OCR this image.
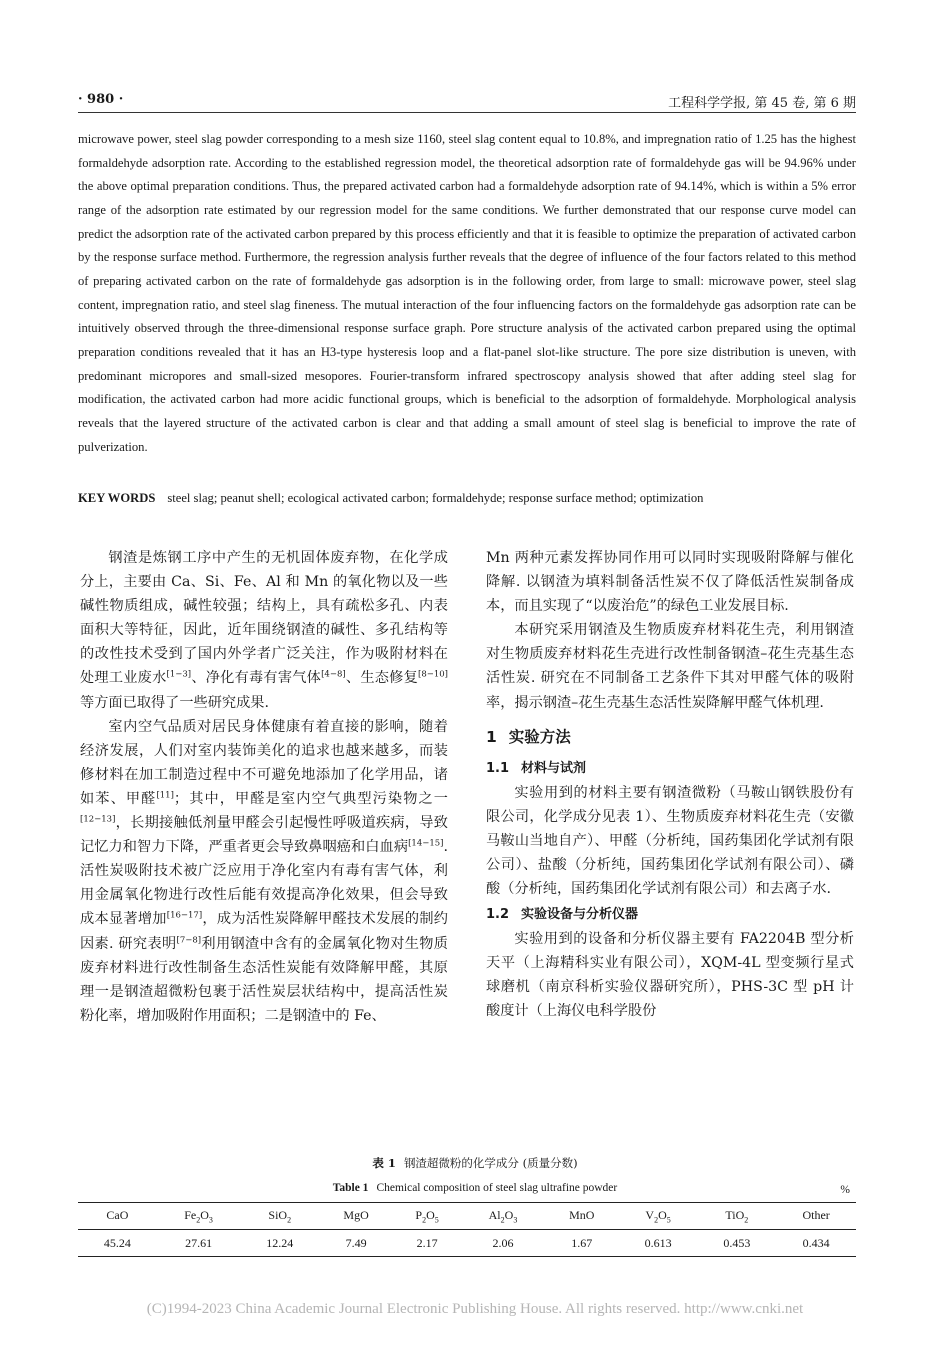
· 980 ·	工程科学学报, 第 45 卷, 第 6 期

microwave power, steel slag powder corresponding to a mesh size 1160, steel slag content equal to 10.8%, and impregnation ratio of 1.25 has the highest formaldehyde adsorption rate. According to the established regression model, the theoretical adsorption rate of formaldehyde gas will be 94.96% under the above optimal preparation conditions. Thus, the prepared activated carbon had a formaldehyde adsorption rate of 94.14%, which is within a 5% error range of the adsorption rate estimated by our regression model for the same conditions. We further demonstrated that our response curve model can predict the adsorption rate of the activated carbon prepared by this process efficiently and that it is feasible to optimize the preparation of activated carbon by the response surface method. Furthermore, the regression analysis further reveals that the degree of influence of the four factors related to this method of preparing activated carbon on the rate of formaldehyde gas adsorption is in the following order, from large to small: microwave power, steel slag content, impregnation ratio, and steel slag fineness. The mutual interaction of the four influencing factors on the formaldehyde gas adsorption rate can be intuitively observed through the three-dimensional response surface graph. Pore structure analysis of the activated carbon prepared using the optimal preparation conditions revealed that it has an H3-type hysteresis loop and a flat-panel slot-like structure. The pore size distribution is uneven, with predominant micropores and small-sized mesopores. Fourier-transform infrared spectroscopy analysis showed that after adding steel slag for modification, the activated carbon had more acidic functional groups, which is beneficial to the adsorption of formaldehyde. Morphological analysis reveals that the layered structure of the activated carbon is clear and that adding a small amount of steel slag is beneficial to improve the rate of pulverization.

KEY WORDS steel slag; peanut shell; ecological activated carbon; formaldehyde; response surface method; optimization

钢渣是炼钢工序中产生的无机固体废弃物，在化学成分上，主要由 Ca、Si、Fe、Al 和 Mn 的氧化物以及一些碱性物质组成，碱性较强；结构上，具有疏松多孔、内表面积大等特征，因此，近年围绕钢渣的碱性、多孔结构等的改性技术受到了国内外学者广泛关注，作为吸附材料在处理工业废水[1−3]、净化有毒有害气体[4−8]、生态修复[8−10]等方面已取得了一些研究成果.

室内空气品质对居民身体健康有着直接的影响，随着经济发展，人们对室内装饰美化的追求也越来越多，而装修材料在加工制造过程中不可避免地添加了化学用品，诸如苯、甲醛[11]；其中，甲醛是室内空气典型污染物之一[12−13]，长期接触低剂量甲醛会引起慢性呼吸道疾病，导致记忆力和智力下降，严重者更会导致鼻咽癌和白血病[14−15]. 活性炭吸附技术被广泛应用于净化室内有毒有害气体，利用金属氧化物进行改性后能有效提高净化效果，但会导致成本显著增加[16−17]，成为活性炭降解甲醛技术发展的制约因素. 研究表明[7−8]利用钢渣中含有的金属氧化物对生物质废弃材料进行改性制备生态活性炭能有效降解甲醛，其原理一是钢渣超微粉包裹于活性炭层状结构中，提高活性炭粉化率，增加吸附作用面积；二是钢渣中的 Fe、

Mn 两种元素发挥协同作用可以同时实现吸附降解与催化降解. 以钢渣为填料制备活性炭不仅了降低活性炭制备成本，而且实现了“以废治危”的绿色工业发展目标.

本研究采用钢渣及生物质废弃材料花生壳，利用钢渣对生物质废弃材料花生壳进行改性制备钢渣–花生壳基生态活性炭. 研究在不同制备工艺条件下其对甲醛气体的吸附率，揭示钢渣–花生壳基生态活性炭降解甲醛气体机理.

1 实验方法
1.1 材料与试剂

实验用到的材料主要有钢渣微粉（马鞍山钢铁股份有限公司，化学成分见表 1）、生物质废弃材料花生壳（安徽马鞍山当地自产）、甲醛（分析纯，国药集团化学试剂有限公司）、盐酸（分析纯，国药集团化学试剂有限公司）、磷酸（分析纯，国药集团化学试剂有限公司）和去离子水.

1.2 实验设备与分析仪器

实验用到的设备和分析仪器主要有 FA2204B 型分析天平（上海精科实业有限公司），XQM-4L 型变频行星式球磨机（南京科析实验仪器研究所），PHS-3C 型 pH 计酸度计（上海仪电科学股份

表 1 钢渣超微粉的化学成分 (质量分数)
Table 1 Chemical composition of steel slag ultrafine powder	%
CaO	$Fe_2O_3$	SiO$_2$	MgO	$P_2O_5$	$Al_2O_3$	MnO	$V_2O_5$	TiO$_2$	Other
45.24	27.61	12.24	7.49	2.17	2.06	1.67	0.613	0.453	0.434
(C)1994-2023 China Academic Journal Electronic Publishing House. All rights reserved. http://www.cnki.net
